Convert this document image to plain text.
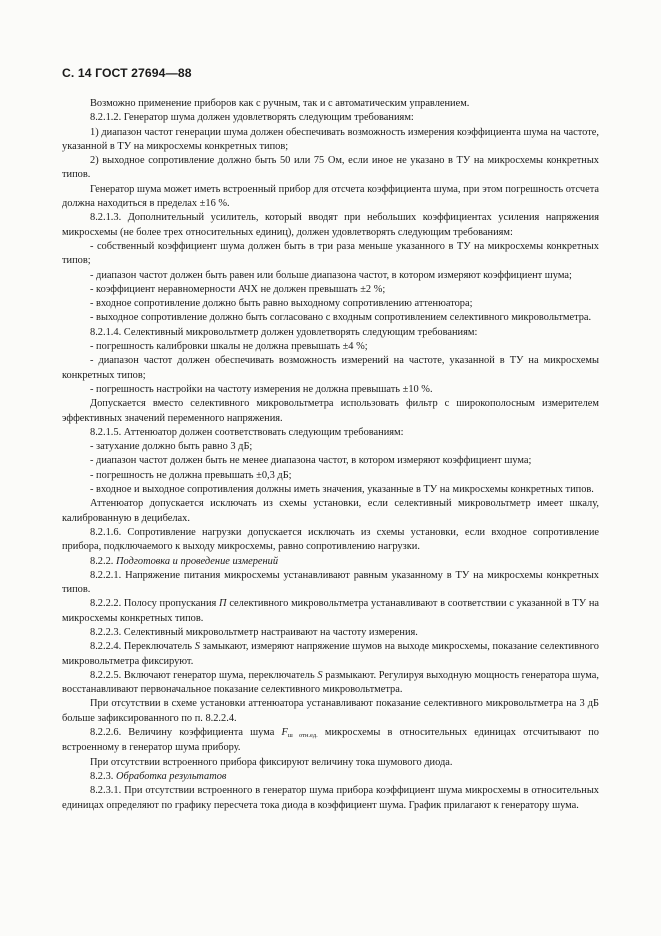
С. 14 ГОСТ 27694—88

Возможно применение приборов как с ручным, так и с автоматическим управлением.

8.2.1.2. Генератор шума должен удовлетворять следующим требованиям:

1) диапазон частот генерации шума должен обеспечивать возможность измерения коэффициента шума на частоте, указанной в ТУ на микросхемы конкретных типов;

2) выходное сопротивление должно быть 50 или 75 Ом, если иное не указано в ТУ на микросхемы конкретных типов.

Генератор шума может иметь встроенный прибор для отсчета коэффициента шума, при этом погрешность отсчета должна находиться в пределах ±16 %.

8.2.1.3. Дополнительный усилитель, который вводят при небольших коэффициентах усиления напряжения микросхемы (не более трех относительных единиц), должен удовлетворять следующим требованиям:

- собственный коэффициент шума должен быть в три раза меньше указанного в ТУ на микросхемы конкретных типов;

- диапазон частот должен быть равен или больше диапазона частот, в котором измеряют коэффициент шума;

- коэффициент неравномерности АЧХ не должен превышать ±2 %;

- входное сопротивление должно быть равно выходному сопротивлению аттенюатора;

- выходное сопротивление должно быть согласовано с входным сопротивлением селективного микровольтметра.

8.2.1.4. Селективный микровольтметр должен удовлетворять следующим требованиям:

- погрешность калибровки шкалы не должна превышать ±4 %;

- диапазон частот должен обеспечивать возможность измерений на частоте, указанной в ТУ на микросхемы конкретных типов;

- погрешность настройки на частоту измерения не должна превышать ±10 %.

Допускается вместо селективного микровольтметра использовать фильтр с широкополосным измерителем эффективных значений переменного напряжения.

8.2.1.5. Аттенюатор должен соответствовать следующим требованиям:

- затухание должно быть равно 3 дБ;

- диапазон частот должен быть не менее диапазона частот, в котором измеряют коэффициент шума;

- погрешность не должна превышать ±0,3 дБ;

- входное и выходное сопротивления должны иметь значения, указанные в ТУ на микросхемы конкретных типов.

Аттенюатор допускается исключать из схемы установки, если селективный микровольтметр имеет шкалу, калиброванную в децибелах.

8.2.1.6. Сопротивление нагрузки допускается исключать из схемы установки, если входное сопротивление прибора, подключаемого к выходу микросхемы, равно сопротивлению нагрузки.

8.2.2. Подготовка и проведение измерений

8.2.2.1. Напряжение питания микросхемы устанавливают равным указанному в ТУ на микросхемы конкретных типов.

8.2.2.2. Полосу пропускания П селективного микровольтметра устанавливают в соответствии с указанной в ТУ на микросхемы конкретных типов.

8.2.2.3. Селективный микровольтметр настраивают на частоту измерения.

8.2.2.4. Переключатель S замыкают, измеряют напряжение шумов на выходе микросхемы, показание селективного микровольтметра фиксируют.

8.2.2.5. Включают генератор шума, переключатель S размыкают. Регулируя выходную мощность генератора шума, восстанавливают первоначальное показание селективного микровольтметра.

При отсутствии в схеме установки аттенюатора устанавливают показание селективного микровольтметра на 3 дБ больше зафиксированного по п. 8.2.2.4.

8.2.2.6. Величину коэффициента шума Fш отн.ед. микросхемы в относительных единицах отсчитывают по встроенному в генератор шума прибору.

При отсутствии встроенного прибора фиксируют величину тока шумового диода.

8.2.3. Обработка результатов

8.2.3.1. При отсутствии встроенного в генератор шума прибора коэффициент шума микросхемы в относительных единицах определяют по графику пересчета тока диода в коэффициент шума. График прилагают к генератору шума.
